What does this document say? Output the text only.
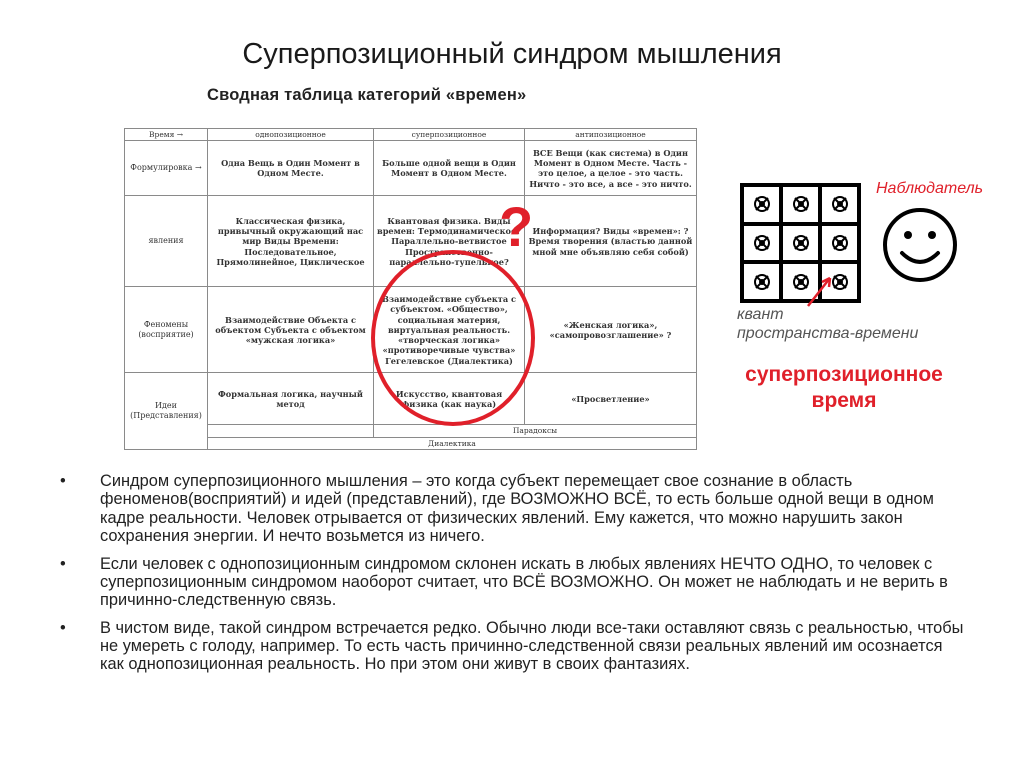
Суперпозиционный синдром мышления
Сводная таблица категорий «времен»
Время →	однопозиционное	суперпозиционное	антипозиционное
Формулировка →	Одна Вещь в Один Момент в Одном Месте.	Больше одной вещи в Один Момент в Одном Месте.	ВСЕ Вещи (как система) в Один Момент в Одном Месте. Часть - это целое, а целое - это часть. Ничто - это все, а все - это ничто.
явления	Классическая физика, привычный окружающий нас мир Виды Времени: Последовательное, Прямолинейное, Циклическое	Квантовая физика. Виды времен: Термодинамическое? Параллельно-ветвистое Пространственно-параллельно-тупельное?	Информация? Виды «времен»: ? Время творения (властью данной мной мне объявляю себя собой)
Феномены (восприятие)	Взаимодействие Объекта с объектом Субъекта с объектом «мужская логика»	Взаимодействие субъекта с субъектом. «Общество», социальная материя, виртуальная реальность. «творческая логика» «противоречивые чувства» Гегелевское (Диалектика)	«Женская логика», «самопровозглашение» ?
Идеи (Представления)	Формальная логика, научный метод	Искусство, квантовая физика (как наука)	«Просветление»
		Парадоксы	
	Диалектика		
?
Наблюдатель
квант
пространства-времени
суперпозиционное
время
• Синдром суперпозиционного мышления – это когда субъект перемещает свое сознание в область феноменов(восприятий) и идей (представлений), где ВОЗМОЖНО ВСЁ, то есть больше одной вещи в одном кадре реальности. Человек отрывается от физических явлений. Ему кажется, что можно нарушить закон сохранения энергии. И нечто возьмется из ничего.
• Если человек с однопозиционным синдромом склонен искать в любых явлениях НЕЧТО ОДНО, то человек с суперпозиционным синдромом наоборот считает, что ВСЁ ВОЗМОЖНО. Он может не наблюдать и не верить в причинно-следственную связь.
• В чистом виде, такой синдром встречается редко. Обычно люди все-таки оставляют связь с реальностью, чтобы не умереть с голоду, например. То есть часть причинно-следственной связи реальных явлений им осознается как однопозиционная реальность. Но при этом они живут в своих фантазиях.
